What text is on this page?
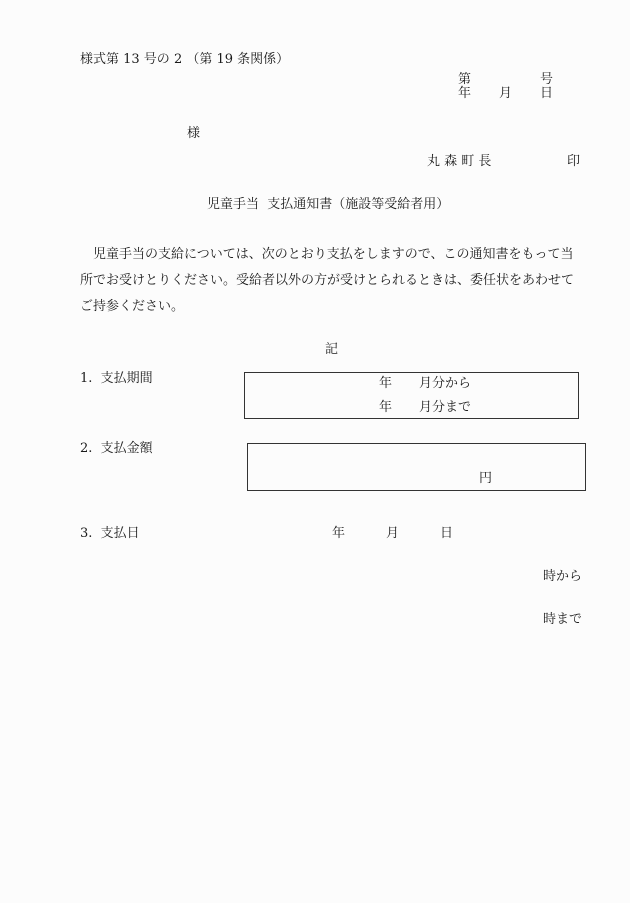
様式第 13 号の 2 （第 19 条関係）
第	号
年 月 日
様
丸 森 町 長	印
児童手当  支払通知書（施設等受給者用）
　児童手当の支給については、次のとおり支払をしますので、この通知書をもって当
所でお受けとりください。受給者以外の方が受けとられるときは、委任状をあわせて
ご持参ください。
記
1.  支払期間	年 月分から
年 月分まで
2.  支払金額
円
3.  支払日	年	月	日
時から
時まで
